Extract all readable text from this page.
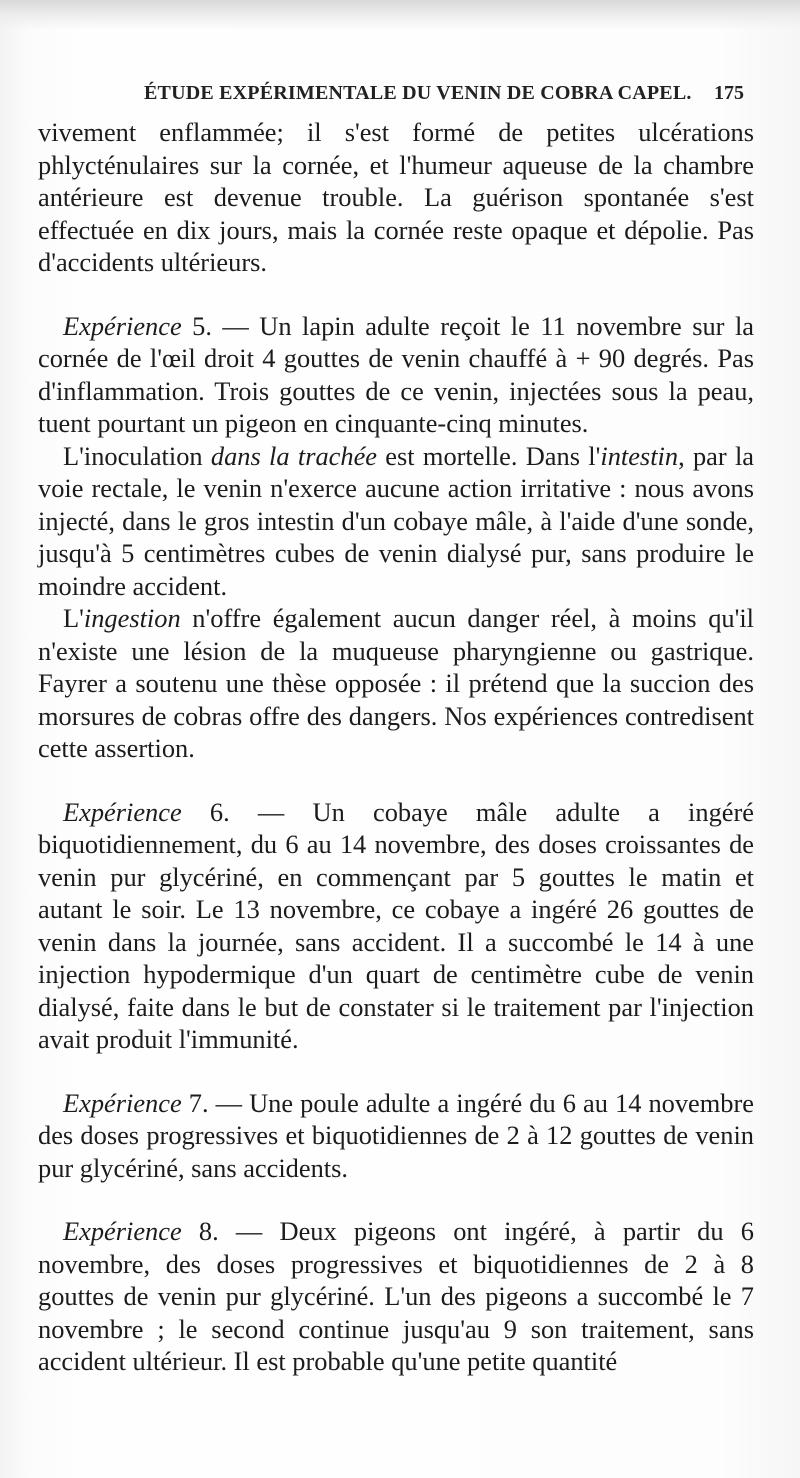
ÉTUDE EXPÉRIMENTALE DU VENIN DE COBRA CAPEL. 175

vivement enflammée; il s'est formé de petites ulcérations phlycténulaires sur la cornée, et l'humeur aqueuse de la chambre antérieure est devenue trouble. La guérison spontanée s'est effectuée en dix jours, mais la cornée reste opaque et dépolie. Pas d'accidents ultérieurs.

Expérience 5. — Un lapin adulte reçoit le 11 novembre sur la cornée de l'œil droit 4 gouttes de venin chauffé à + 90 degrés. Pas d'inflammation. Trois gouttes de ce venin, injectées sous la peau, tuent pourtant un pigeon en cinquante-cinq minutes.

L'inoculation dans la trachée est mortelle. Dans l'intestin, par la voie rectale, le venin n'exerce aucune action irritative : nous avons injecté, dans le gros intestin d'un cobaye mâle, à l'aide d'une sonde, jusqu'à 5 centimètres cubes de venin dialysé pur, sans produire le moindre accident.

L'ingestion n'offre également aucun danger réel, à moins qu'il n'existe une lésion de la muqueuse pharyngienne ou gastrique. Fayrer a soutenu une thèse opposée : il prétend que la succion des morsures de cobras offre des dangers. Nos expériences contredisent cette assertion.

Expérience 6. — Un cobaye mâle adulte a ingéré biquotidiennement, du 6 au 14 novembre, des doses croissantes de venin pur glycériné, en commençant par 5 gouttes le matin et autant le soir. Le 13 novembre, ce cobaye a ingéré 26 gouttes de venin dans la journée, sans accident. Il a succombé le 14 à une injection hypodermique d'un quart de centimètre cube de venin dialysé, faite dans le but de constater si le traitement par l'injection avait produit l'immunité.

Expérience 7. — Une poule adulte a ingéré du 6 au 14 novembre des doses progressives et biquotidiennes de 2 à 12 gouttes de venin pur glycériné, sans accidents.

Expérience 8. — Deux pigeons ont ingéré, à partir du 6 novembre, des doses progressives et biquotidiennes de 2 à 8 gouttes de venin pur glycériné. L'un des pigeons a succombé le 7 novembre ; le second continue jusqu'au 9 son traitement, sans accident ultérieur. Il est probable qu'une petite quantité
